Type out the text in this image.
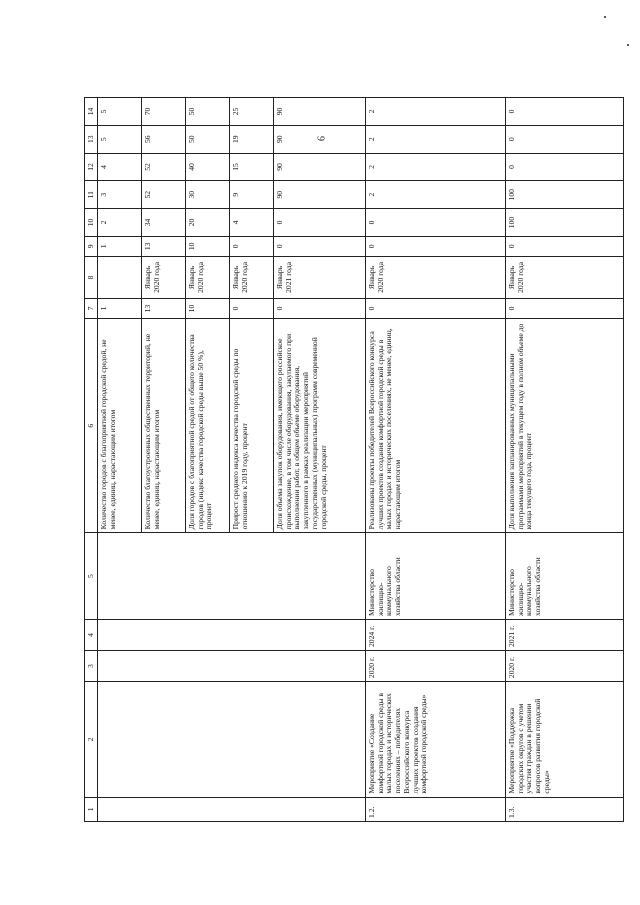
9
1	2	3	4	5	6	7	8	9	10	11	12	13	14
					Количество городов с благоприятной городской средой, не менее, единиц, нарастающим итогом	1		1	2	3	4	5	5
					Количество благоустроенных общественных территорий, не менее, единиц, нарастающим итогом	13	Январь 2020 года	13	34	52	52	56	70
					Доля городов с благоприятной средой от общего количества городов (индекс качества городской среды выше 50 %), процент	10	Январь 2020 года	10	20	30	40	50	50
					Прирост среднего индекса качества городской среды по отношению к 2019 году, процент	0	Январь 2020 года	0	4	9	15	19	25
					Доля объема закупок оборудования, имеющего российское происхождение, в том числе оборудования, закупаемого при выполнении работ, в общем объеме оборудования, закупленного в рамках реализации мероприятий государственных (муниципальных) программ современной городской среды, процент	0	Январь 2021 года	0	0	90	90	90	90
1.2.	Мероприятие «Создание комфортной городской среды в малых городах и исторических поселениях – победителях Всероссийского конкурса лучших проектов создания комфортной городской среды»	2020 г.	2024 г.	Министерство жилищно-коммунального хозяйства области	Реализованы проекты победителей Всероссийского конкурса лучших проектов создания комфортной городской среды в малых городах и исторических поселениях, не менее, единиц, нарастающим итогом	0	Январь 2020 года	0	0	2	2	2	2
1.3.	Мероприятие «Поддержка городских округов с учетом участия граждан в решении вопросов развития городской среды»	2020 г.	2021 г.	Министерство жилищно-коммунального хозяйства области	Доля выполнения запланированных муниципальными программами мероприятий в текущем году в полном объеме до конца текущего года, процент	0	Январь 2020 года	0	100	100	0	0	0
